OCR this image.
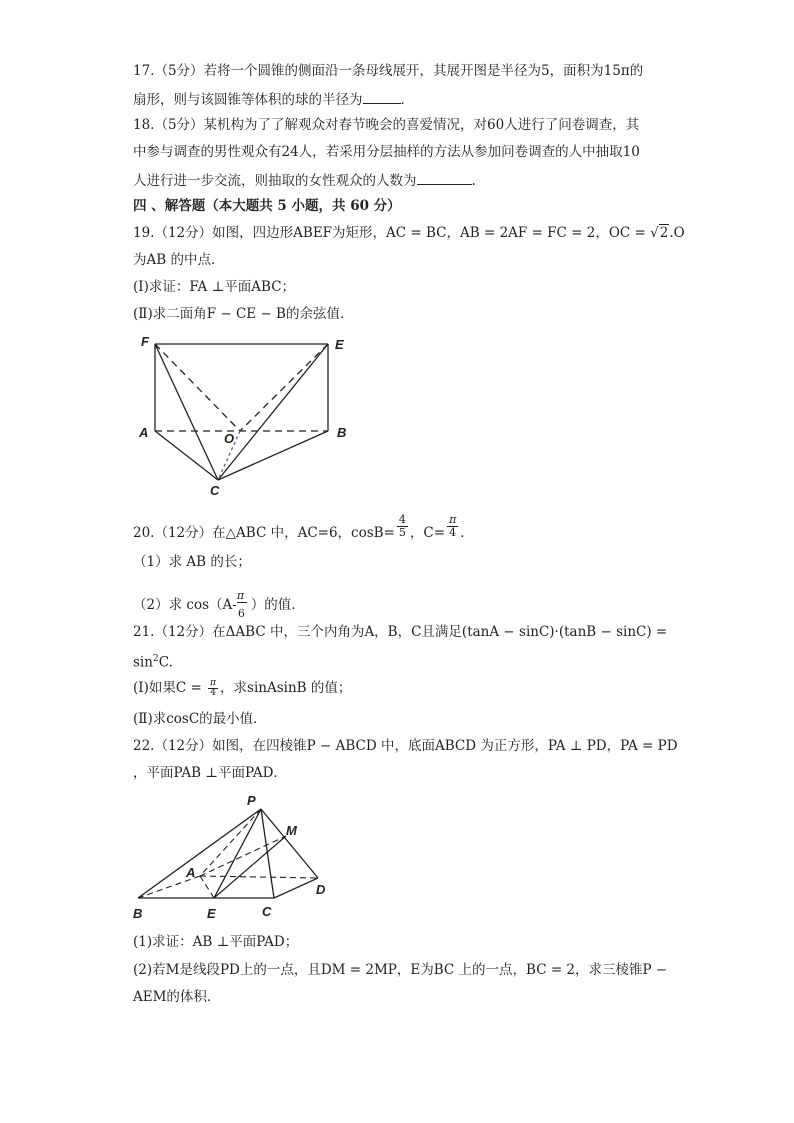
17.（5分）若将一个圆锥的侧面沿一条母线展开，其展开图是半径为5，面积为15π的
扇形，则与该圆锥等体积的球的半径为	．
18.（5分）某机构为了了解观众对春节晚会的喜爱情况，对60人进行了问卷调查，其
中参与调查的男性观众有24人，若采用分层抽样的方法从参加问卷调查的人中抽取10
人进行进一步交流，则抽取的女性观众的人数为	.
四 、解答题（本大题共 5 小题，共 60 分）
19.（12分）如图，四边形ABEF为矩形，AC = BC，AB = 2AF = FC = 2，OC = √2.O
为AB 的中点．
(Ⅰ)求证：FA ⊥平面ABC；
(Ⅱ)求二面角F − CE − B的余弦值．
F	E
A	O	B
C
20.（12分）在△ABC 中，AC=6，$\cos B= \frac{4}{5}$ ，$C= \frac{\pi}{4}$ ．
（1）求 AB 的长；
（2）求 cos（A-
$\frac{\pi}{6}$
）的值．
21.（12分）在ΔABC 中，三个内角为A，B，C且满足(tanA − sinC)·(tanB − sinC) =
$\sin^2C$.
(Ⅰ)如果$C = \frac{\pi}{4}$ ，求sinAsinB 的值；
(Ⅱ)求cosC的最小值．
22.（12分）如图，在四棱锥P − ABCD 中，底面ABCD 为正方形，PA ⊥ PD，PA = PD
，平面PAB ⊥平面PAD．
P
M
A
D
B	E	C
(1)求证：AB ⊥平面PAD；
(2)若M是线段PD上的一点，且DM = 2MP，E为BC 上的一点，BC = 2，求三棱锥P −
AEM的体积．
